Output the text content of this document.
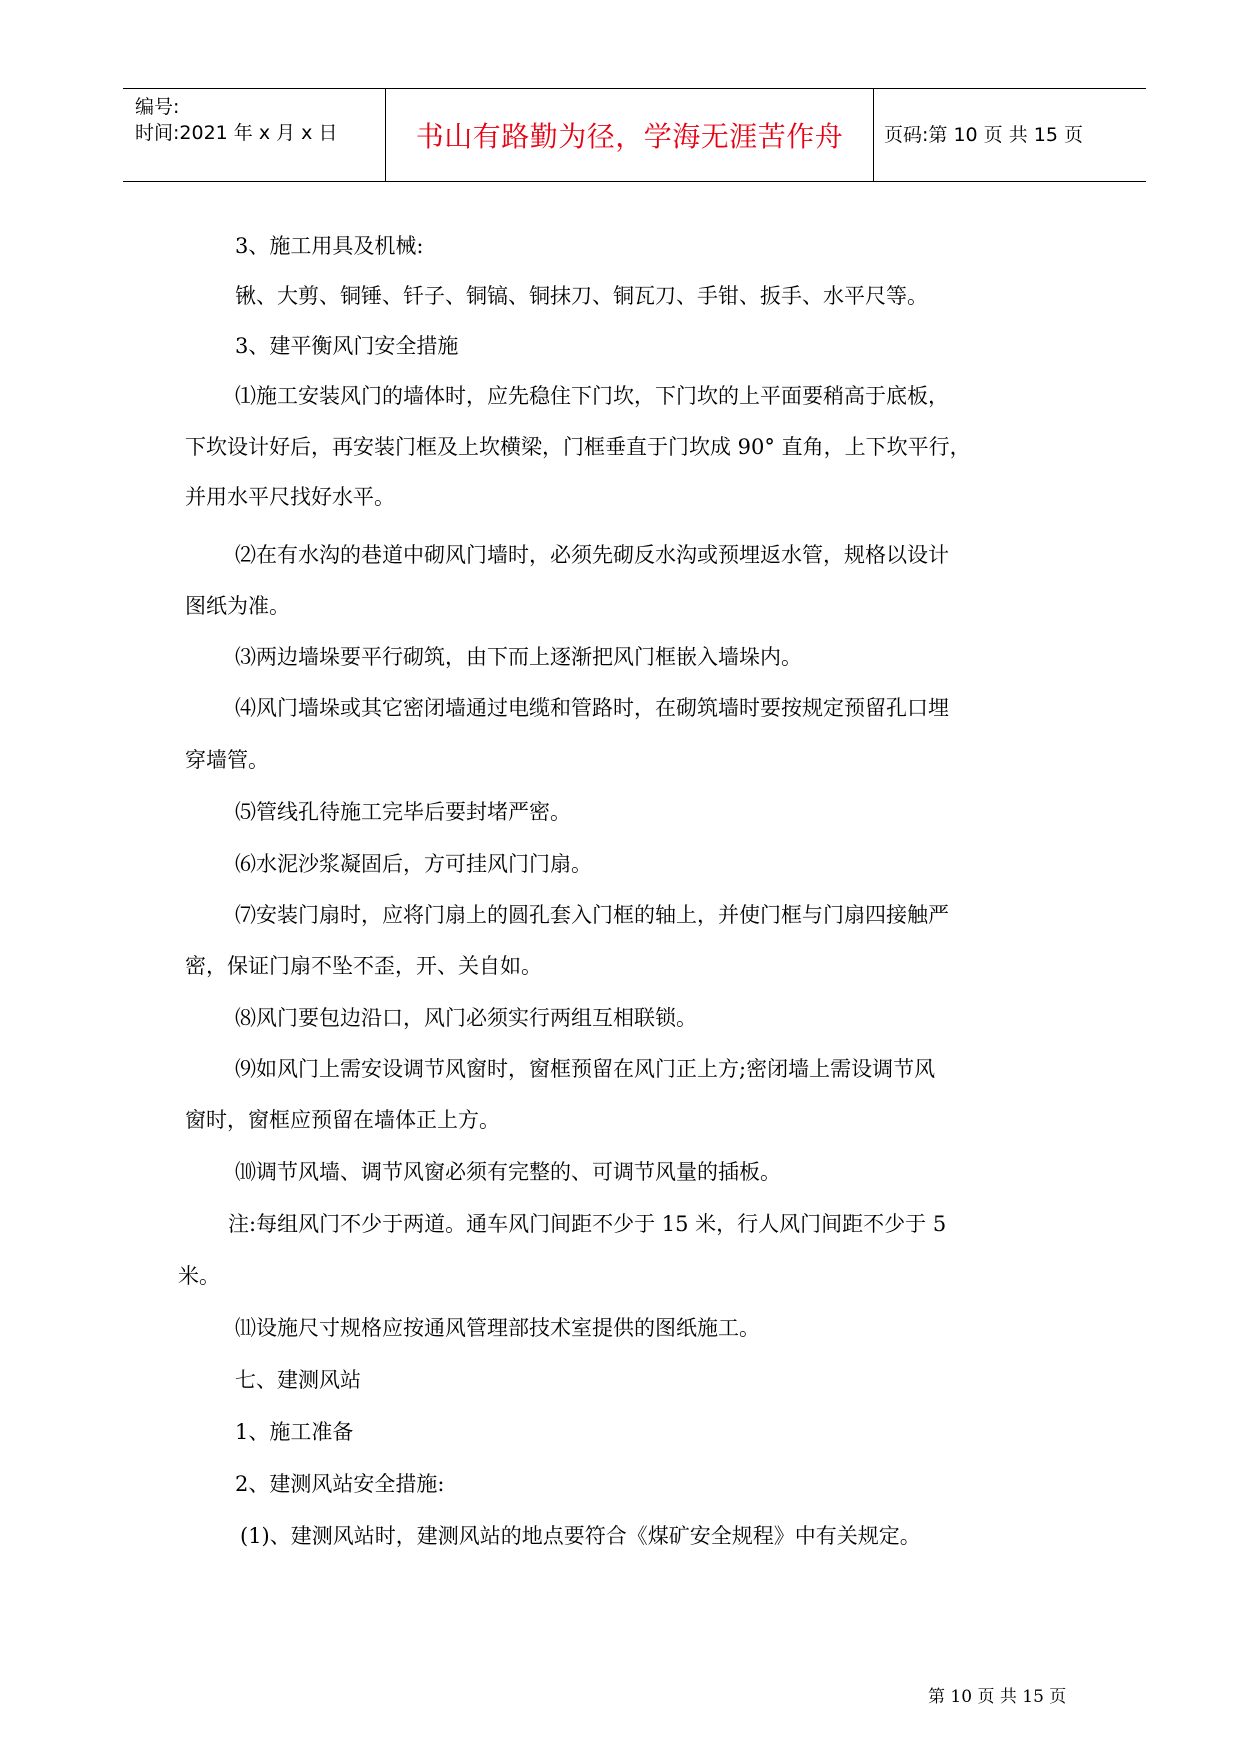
编号:
时间:2021 年 x 月 x 日	书山有路勤为径，学海无涯苦作舟	页码:第 10 页 共 15 页
3、施工用具及机械:
锹、大剪、铜锤、钎子、铜镐、铜抹刀、铜瓦刀、手钳、扳手、水平尺等。
3、建平衡风门安全措施
⑴施工安装风门的墙体时，应先稳住下门坎，下门坎的上平面要稍高于底板，
下坎设计好后，再安装门框及上坎横梁，门框垂直于门坎成 90° 直角，上下坎平行，
并用水平尺找好水平。
⑵在有水沟的巷道中砌风门墙时，必须先砌反水沟或预埋返水管，规格以设计
图纸为准。
⑶两边墙垛要平行砌筑，由下而上逐渐把风门框嵌入墙垛内。
⑷风门墙垛或其它密闭墙通过电缆和管路时，在砌筑墙时要按规定预留孔口埋
穿墙管。
⑸管线孔待施工完毕后要封堵严密。
⑹水泥沙浆凝固后，方可挂风门门扇。
⑺安装门扇时，应将门扇上的圆孔套入门框的轴上，并使门框与门扇四接触严
密，保证门扇不坠不歪，开、关自如。
⑻风门要包边沿口，风门必须实行两组互相联锁。
⑼如风门上需安设调节风窗时，窗框预留在风门正上方;密闭墙上需设调节风
窗时，窗框应预留在墙体正上方。
⑽调节风墙、调节风窗必须有完整的、可调节风量的插板。
注:每组风门不少于两道。通车风门间距不少于 15 米，行人风门间距不少于 5
米。
⑾设施尺寸规格应按通风管理部技术室提供的图纸施工。
七、建测风站
1、施工准备
2、建测风站安全措施:
(1)、建测风站时，建测风站的地点要符合《煤矿安全规程》中有关规定。
第 10 页 共 15 页
